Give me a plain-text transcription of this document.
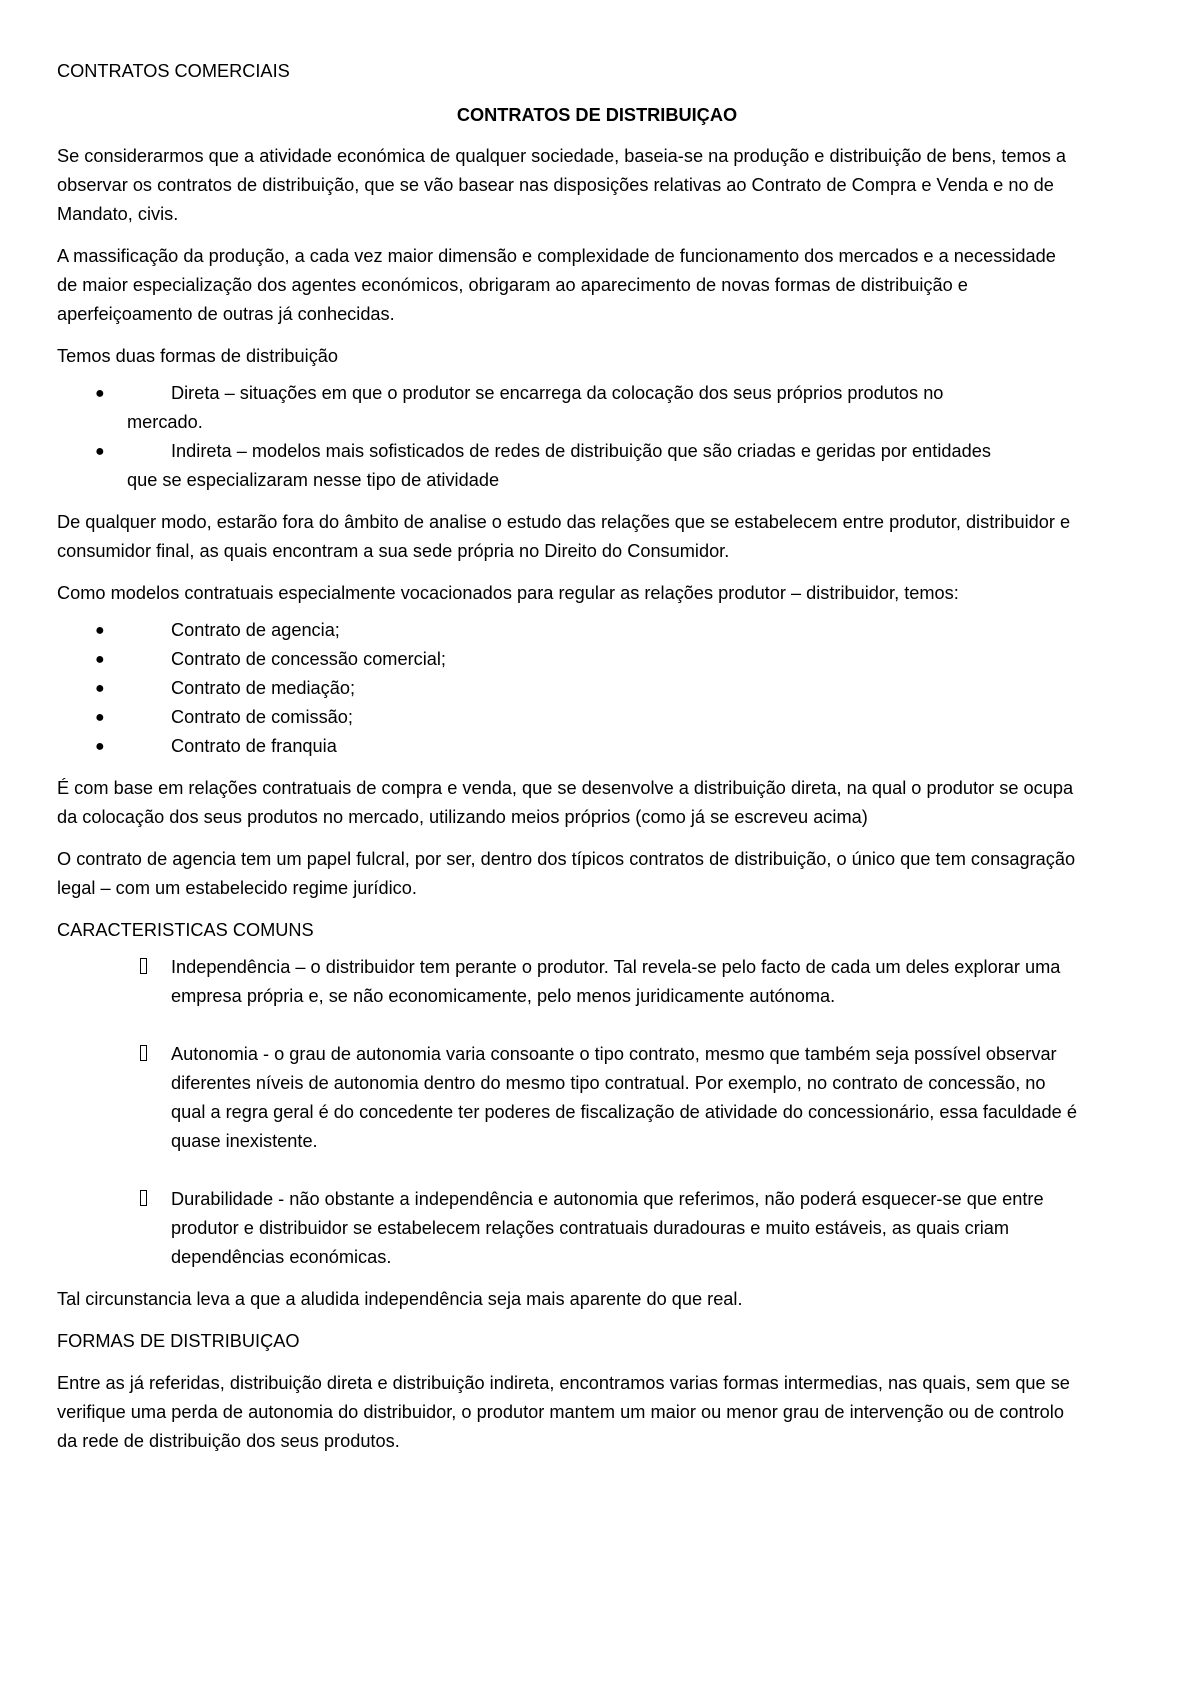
CONTRATOS COMERCIAIS

CONTRATOS DE DISTRIBUIÇAO

Se considerarmos que a atividade económica de qualquer sociedade, baseia-se na produção e distribuição de bens, temos a observar os contratos de distribuição, que se vão basear nas disposições relativas ao Contrato de Compra e Venda e no de Mandato, civis.

A massificação da produção, a cada vez maior dimensão e complexidade de funcionamento dos mercados e a necessidade de maior especialização dos agentes económicos, obrigaram ao aparecimento de novas formas de distribuição e aperfeiçoamento de outras já conhecidas.

Temos duas formas de distribuição

●	Direta – situações em que o produtor se encarrega da colocação dos seus próprios produtos no
mercado.
●	Indireta – modelos mais sofisticados de redes de distribuição que são criadas e geridas por entidades
que se especializaram nesse tipo de atividade

De qualquer modo, estarão fora do âmbito de analise o estudo das relações que se estabelecem entre produtor, distribuidor e consumidor final, as quais encontram a sua sede própria no Direito do Consumidor.

Como modelos contratuais especialmente vocacionados para regular as relações produtor – distribuidor, temos:

●	Contrato de agencia;
●	Contrato de concessão comercial;
●	Contrato de mediação;
●	Contrato de comissão;
●	Contrato de franquia

É com base em relações contratuais de compra e venda, que se desenvolve a distribuição direta, na qual o produtor se ocupa da colocação dos seus produtos no mercado, utilizando meios próprios (como já se escreveu acima)

O contrato de agencia tem um papel fulcral, por ser, dentro dos típicos contratos de distribuição, o único que tem consagração legal – com um estabelecido regime jurídico.

CARACTERISTICAS COMUNS

Independência – o distribuidor tem perante o produtor. Tal revela-se pelo facto de cada um deles explorar uma empresa própria e, se não economicamente, pelo menos juridicamente autónoma.
Autonomia - o grau de autonomia varia consoante o tipo contrato, mesmo que também seja possível observar diferentes níveis de autonomia dentro do mesmo tipo contratual. Por exemplo, no contrato de concessão, no qual a regra geral é do concedente ter poderes de fiscalização de atividade do concessionário, essa faculdade é quase inexistente.
Durabilidade - não obstante a independência e autonomia que referimos, não poderá esquecer-se que entre produtor e distribuidor se estabelecem relações contratuais duradouras e muito estáveis, as quais criam dependências económicas.

Tal circunstancia leva a que a aludida independência seja mais aparente do que real.

FORMAS DE DISTRIBUIÇAO

Entre as já referidas, distribuição direta e distribuição indireta, encontramos varias formas intermedias, nas quais, sem que se verifique uma perda de autonomia do distribuidor, o produtor mantem um maior ou menor grau de intervenção ou de controlo da rede de distribuição dos seus produtos.
